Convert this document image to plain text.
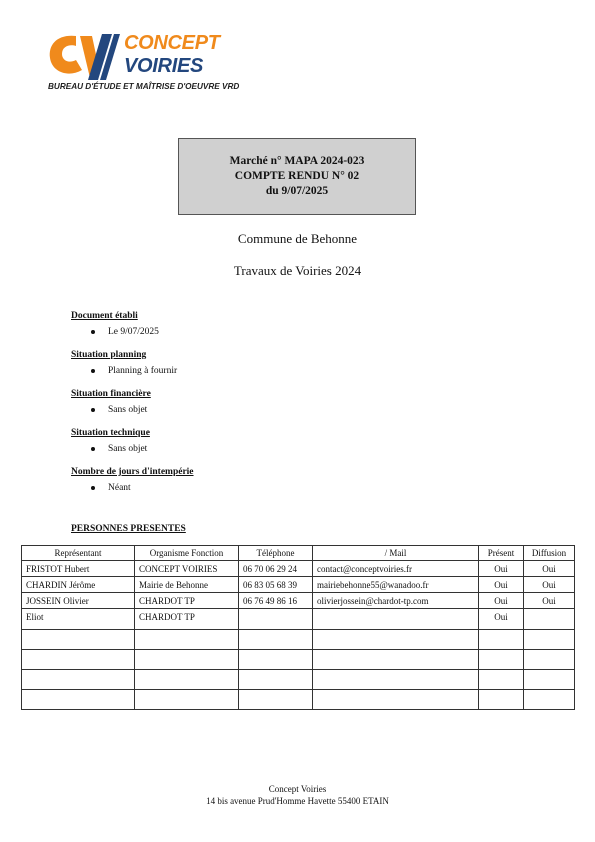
CONCEPT
VOIRIES
BUREAU D'ÉTUDE ET MAÎTRISE D'OEUVRE VRD
Marché n° MAPA 2024-023
COMPTE RENDU N° 02
du 9/07/2025
Commune de Behonne
Travaux de Voiries 2024
Document établi
Le 9/07/2025
Situation planning
Planning à fournir
Situation financière
Sans objet
Situation technique
Sans objet
Nombre de jours d'intempérie
Néant
PERSONNES PRESENTES
Représentant	Organisme Fonction	Téléphone	/ Mail	Présent	Diffusion
FRISTOT Hubert	CONCEPT VOIRIES	06 70 06 29 24	contact@conceptvoiries.fr	Oui	Oui
CHARDIN Jérôme	Mairie de Behonne	06 83 05 68 39	mairiebehonne55@wanadoo.fr	Oui	Oui
JOSSEIN Olivier	CHARDOT TP	06 76 49 86 16	olivierjossein@chardot-tp.com	Oui	Oui
Eliot	CHARDOT TP			Oui	

Concept Voiries
14 bis avenue Prud'Homme Havette 55400 ETAIN
